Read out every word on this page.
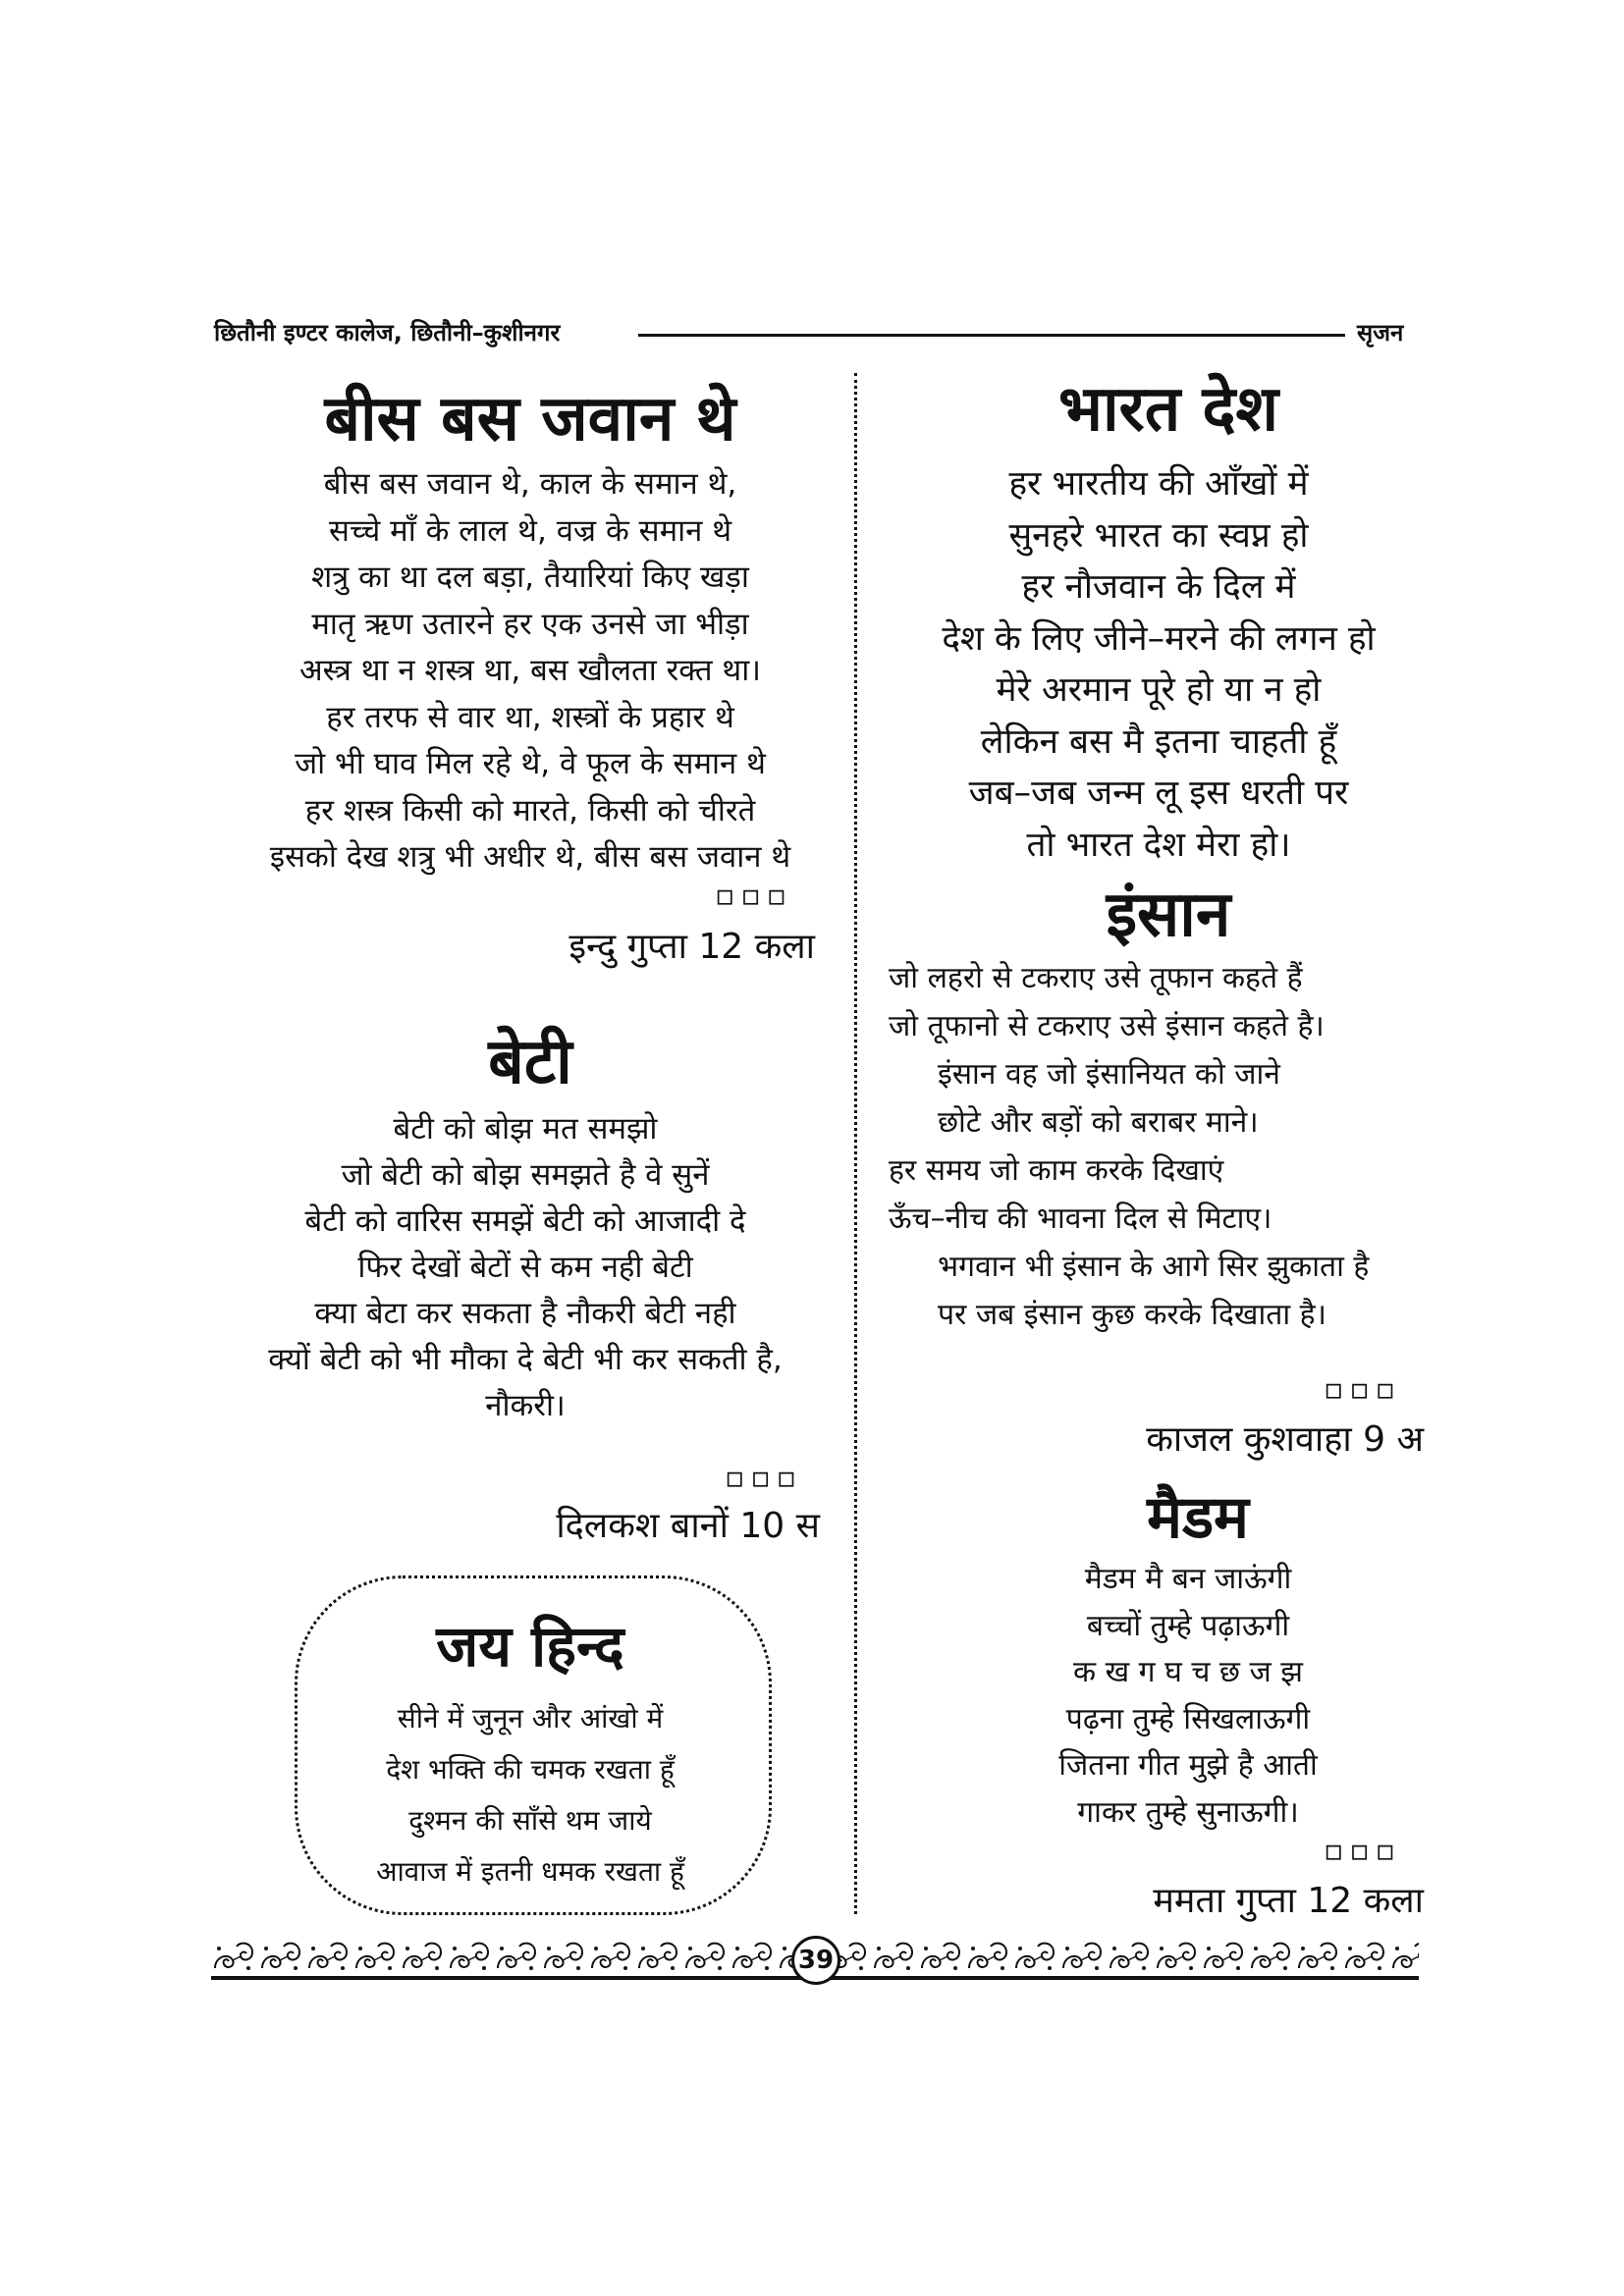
छितौनी इण्टर कालेज, छितौनी–कुशीनगर	सृजन
बीस बस जवान थे
बीस बस जवान थे, काल के समान थे,
सच्चे माँ के लाल थे, वज्र के समान थे
शत्रु का था दल बड़ा, तैयारियां किए खड़ा
मातृ ऋण उतारने हर एक उनसे जा भीड़ा
अस्त्र था न शस्त्र था, बस खौलता रक्त था।
हर तरफ से वार था, शस्त्रों के प्रहार थे
जो भी घाव मिल रहे थे, वे फूल के समान थे
हर शस्त्र किसी को मारते, किसी को चीरते
इसको देख शत्रु भी अधीर थे, बीस बस जवान थे
▫▫▫
इन्दु गुप्ता 12 कला
बेटी
बेटी को बोझ मत समझो
जो बेटी को बोझ समझते है वे सुनें
बेटी को वारिस समझें बेटी को आजादी दे
फिर देखों बेटों से कम नही बेटी
क्या बेटा कर सकता है नौकरी बेटी नही
क्यों बेटी को भी मौका दे बेटी भी कर सकती है,
नौकरी।
▫▫▫
दिलकश बानों 10 स
जय हिन्द
सीने में जुनून और आंखो में
देश भक्ति की चमक रखता हूँ
दुश्मन की साँसे थम जाये
आवाज में इतनी धमक रखता हूँ
भारत देश
हर भारतीय की आँखों में
सुनहरे भारत का स्वप्न हो
हर नौजवान के दिल में
देश के लिए जीने–मरने की लगन हो
मेरे अरमान पूरे हो या न हो
लेकिन बस मै इतना चाहती हूँ
जब–जब जन्म लू इस धरती पर
तो भारत देश मेरा हो।
इंसान
जो लहरो से टकराए उसे तूफान कहते हैं
जो तूफानो से टकराए उसे इंसान कहते है।
इंसान वह जो इंसानियत को जाने
छोटे और बड़ों को बराबर माने।
हर समय जो काम करके दिखाएं
ऊँच–नीच की भावना दिल से मिटाए।
भगवान भी इंसान के आगे सिर झुकाता है
पर जब इंसान कुछ करके दिखाता है।
▫▫▫
काजल कुशवाहा 9 अ
मैडम
मैडम मै बन जाऊंगी
बच्चों तुम्हे पढ़ाऊगी
क ख ग घ च छ ज झ
पढ़ना तुम्हे सिखलाऊगी
जितना गीत मुझे है आती
गाकर तुम्हे सुनाऊगी।
▫▫▫
ममता गुप्ता 12 कला
39
